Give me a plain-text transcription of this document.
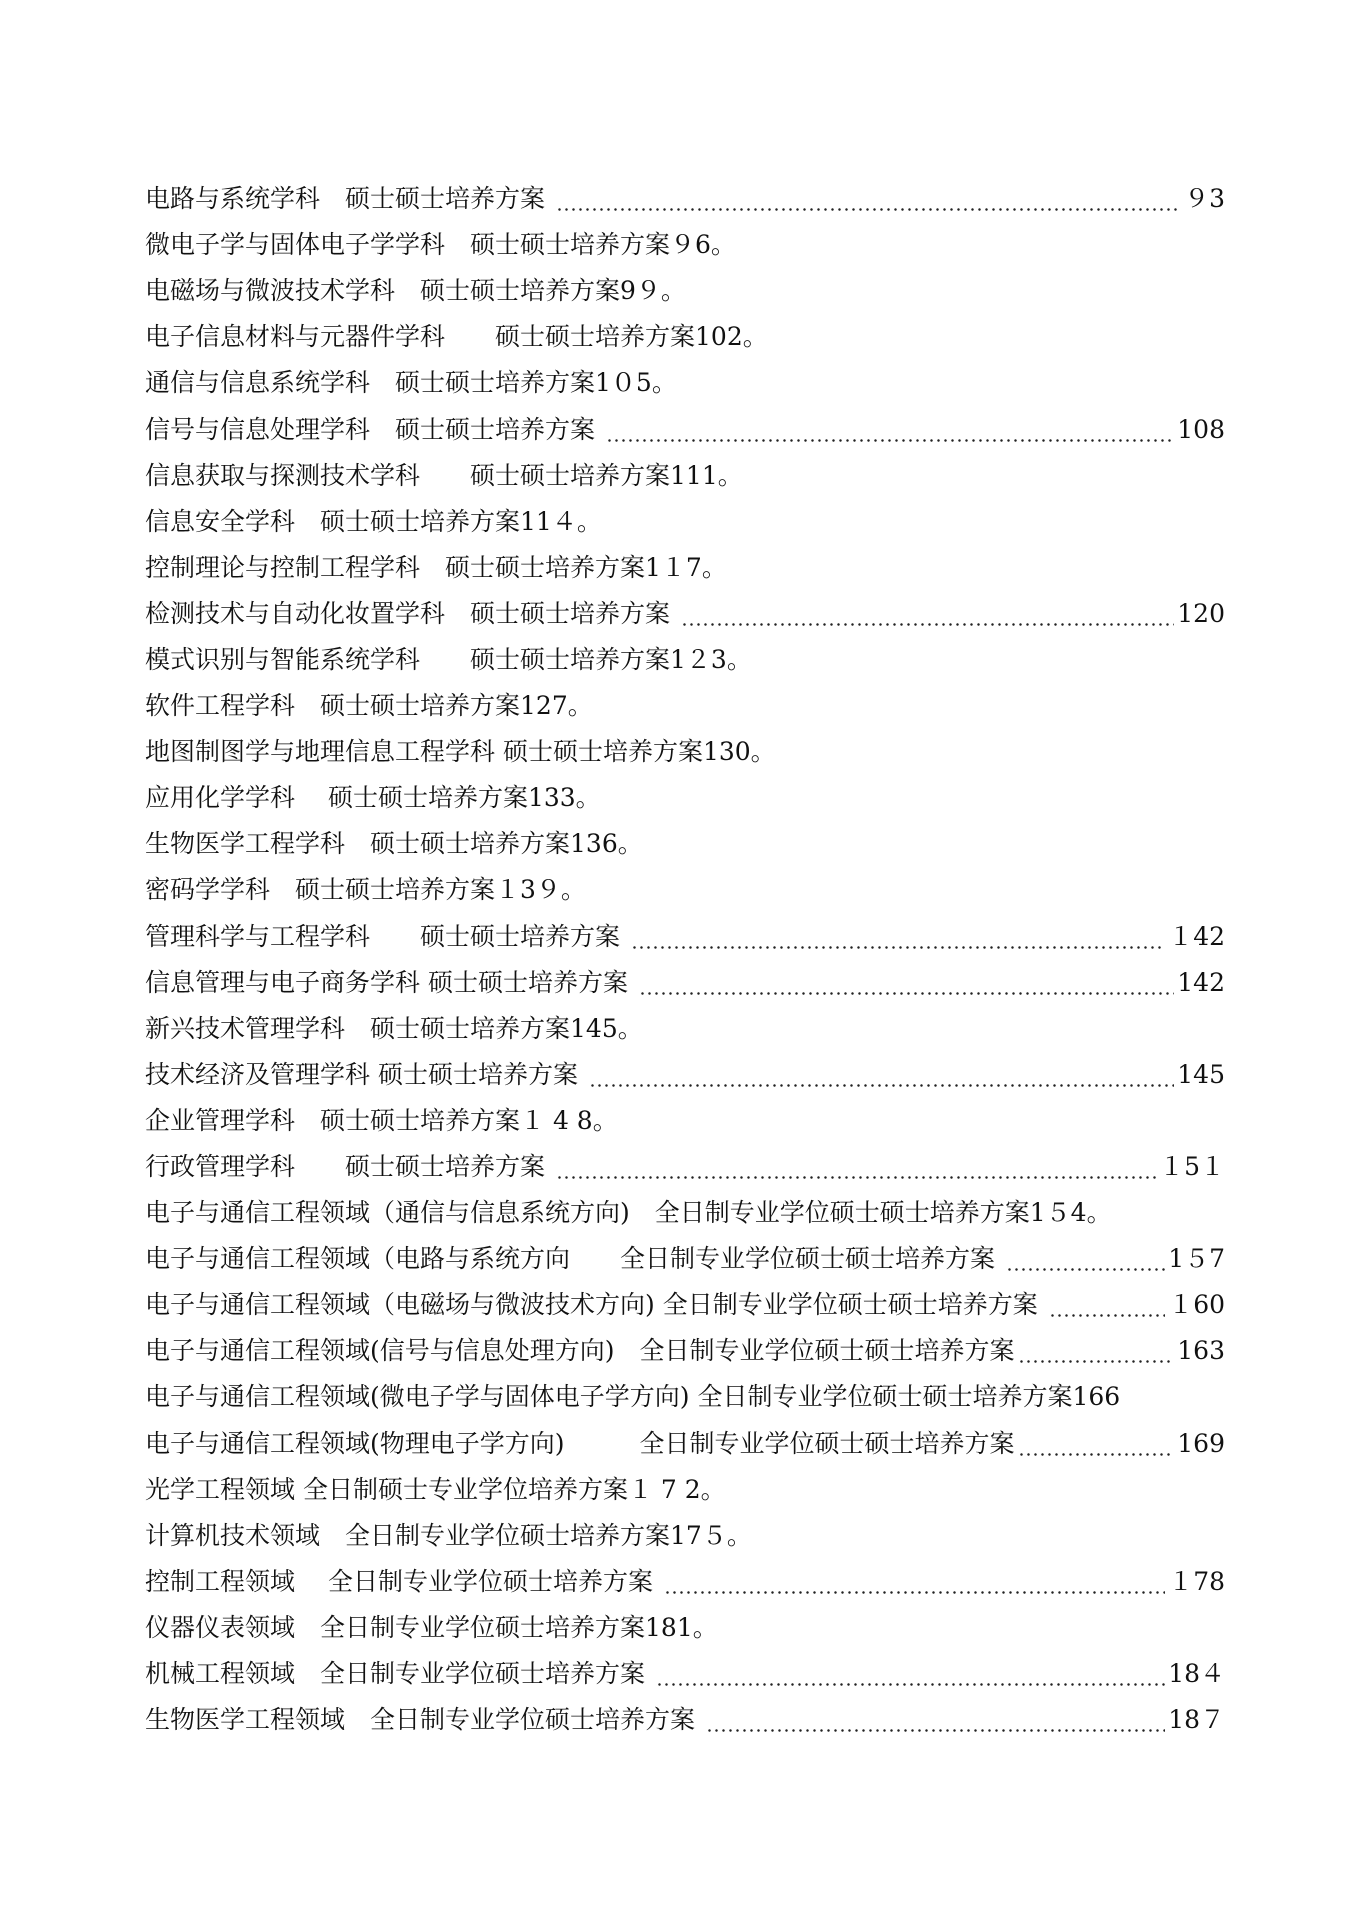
电路与系统学科　硕士硕士培养方案	９3
微电子学与固体电子学学科　硕士硕士培养方案９6 。
电磁场与微波技术学科　硕士硕士培养方案9９ 。
电子信息材料与元器件学科　　硕士硕士培养方案102 。
通信与信息系统学科　硕士硕士培养方案1０5 。
信号与信息处理学科　硕士硕士培养方案	108
信息获取与探测技术学科　　硕士硕士培养方案111 。
信息安全学科　硕士硕士培养方案11４ 。
控制理论与控制工程学科　硕士硕士培养方案1１7 。
检测技术与自动化妆置学科　硕士硕士培养方案	120
模式识别与智能系统学科　　硕士硕士培养方案1２3 。
软件工程学科　硕士硕士培养方案127 。
地图制图学与地理信息工程学科 硕士硕士培养方案130 。
应用化学学科　 硕士硕士培养方案133 。
生物医学工程学科　硕士硕士培养方案136 。
密码学学科　硕士硕士培养方案１3９ 。
管理科学与工程学科　　硕士硕士培养方案	１42
信息管理与电子商务学科 硕士硕士培养方案	142
新兴技术管理学科　硕士硕士培养方案145 。
技术经济及管理学科 硕士硕士培养方案	145
企业管理学科　硕士硕士培养方案１ 4 8 。
行政管理学科　　硕士硕士培养方案	１5１
电子与通信工程领域（通信与信息系统方向)　全日制专业学位硕士硕士培养方案1５4 。
电子与通信工程领域（电路与系统方向　　全日制专业学位硕士硕士培养方案	1５7
电子与通信工程领域（电磁场与微波技术方向) 全日制专业学位硕士硕士培养方案	１60
电子与通信工程领域(信号与信息处理方向)　全日制专业学位硕士硕士培养方案	163
电子与通信工程领域(微电子学与固体电子学方向) 全日制专业学位硕士硕士培养方案 166
电子与通信工程领域(物理电子学方向)　　　全日制专业学位硕士硕士培养方案	169
光学工程领域 全日制硕士专业学位培养方案１ 7 2 。
计算机技术领域　全日制专业学位硕士培养方案17５ 。
控制工程领域　 全日制专业学位硕士培养方案	１78
仪器仪表领域　全日制专业学位硕士培养方案181 。
机械工程领域　全日制专业学位硕士培养方案	18４
生物医学工程领域　全日制专业学位硕士培养方案	18７
